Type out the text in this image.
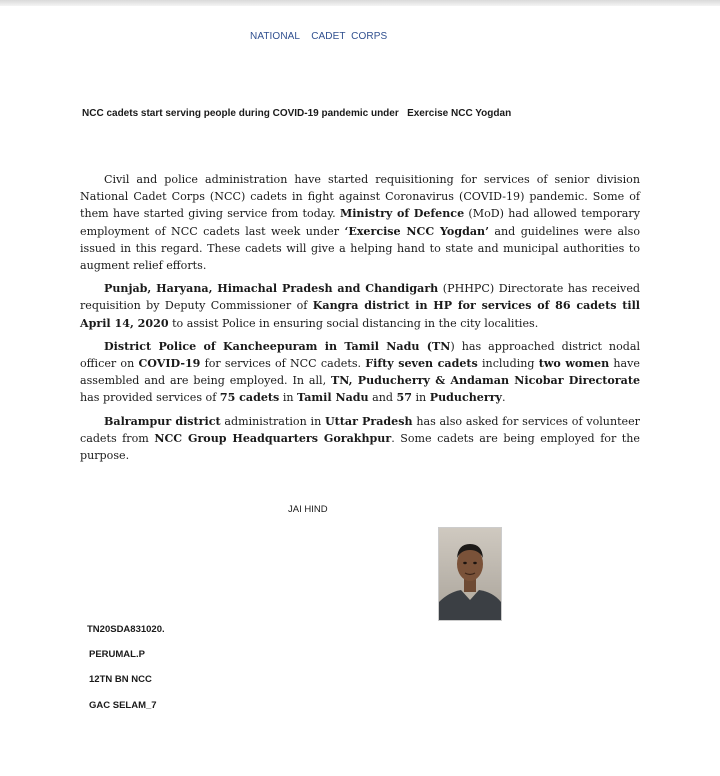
NATIONAL    CADET  CORPS
NCC cadets start serving people during COVID-19 pandemic under   Exercise NCC Yogdan

Civil and police administration have started requisitioning for services of senior division National Cadet Corps (NCC) cadets in fight against Coronavirus (COVID-19) pandemic. Some of them have started giving service from today. Ministry of Defence (MoD) had allowed temporary employment of NCC cadets last week under ‘Exercise NCC Yogdan’ and guidelines were also issued in this regard. These cadets will give a helping hand to state and municipal authorities to augment relief efforts.

Punjab, Haryana, Himachal Pradesh and Chandigarh (PHHPC) Directorate has received requisition by Deputy Commissioner of Kangra district in HP for services of 86 cadets till April 14, 2020 to assist Police in ensuring social distancing in the city localities.

District Police of Kancheepuram in Tamil Nadu (TN) has approached district nodal officer on COVID-19 for services of NCC cadets. Fifty seven cadets including two women have assembled and are being employed. In all, TN, Puducherry & Andaman Nicobar Directorate has provided services of 75 cadets in Tamil Nadu and 57 in Puducherry.

Balrampur district administration in Uttar Pradesh has also asked for services of volunteer cadets from NCC Group Headquarters Gorakhpur. Some cadets are being employed for the purpose.

JAI HIND
TN20SDA831020.
PERUMAL.P
12TN BN NCC
GAC SELAM_7
